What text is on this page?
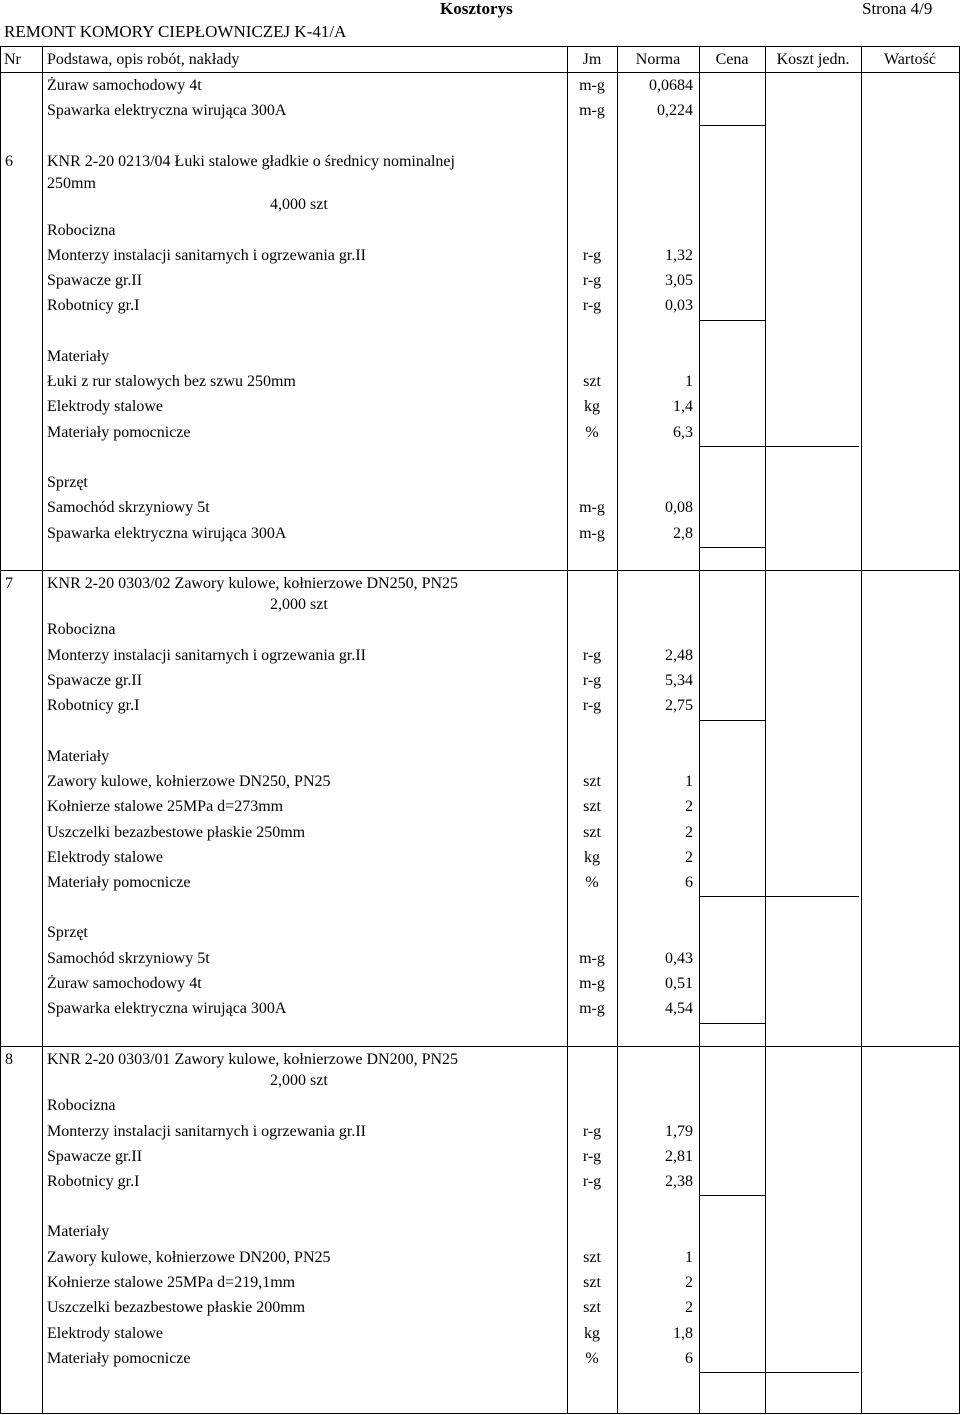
REMONT KOMORY CIEPŁOWNICZEJ K-41/A
Kosztorys	Strona 4/9
Nr Podstawa, opis robót, nakłady	Jm	Norma	Cena	Koszt jedn.	Wartość
Żuraw samochodowy 4t	m-g	0,0684
Spawarka elektryczna wirująca 300A	m-g	0,224
6 KNR 2-20 0213/04 Łuki stalowe gładkie o średnicy nominalnej
250mm
4,000 szt
Robocizna
Monterzy instalacji sanitarnych i ogrzewania gr.II	r-g	1,32
Spawacze gr.II	r-g	3,05
Robotnicy gr.I	r-g	0,03
Materiały
Łuki z rur stalowych bez szwu 250mm	szt	1
Elektrody stalowe	kg	1,4
Materiały pomocnicze	%	6,3
Sprzęt
Samochód skrzyniowy 5t	m-g	0,08
Spawarka elektryczna wirująca 300A	m-g	2,8
7 KNR 2-20 0303/02 Zawory kulowe, kołnierzowe DN250, PN25
2,000 szt
Robocizna
Monterzy instalacji sanitarnych i ogrzewania gr.II	r-g	2,48
Spawacze gr.II	r-g	5,34
Robotnicy gr.I	r-g	2,75
Materiały
Zawory kulowe, kołnierzowe DN250, PN25	szt	1
Kołnierze stalowe 25MPa d=273mm	szt	2
Uszczelki bezazbestowe płaskie 250mm	szt	2
Elektrody stalowe	kg	2
Materiały pomocnicze	%	6
Sprzęt
Samochód skrzyniowy 5t	m-g	0,43
Żuraw samochodowy 4t	m-g	0,51
Spawarka elektryczna wirująca 300A	m-g	4,54
8 KNR 2-20 0303/01 Zawory kulowe, kołnierzowe DN200, PN25
2,000 szt
Robocizna
Monterzy instalacji sanitarnych i ogrzewania gr.II	r-g	1,79
Spawacze gr.II	r-g	2,81
Robotnicy gr.I	r-g	2,38
Materiały
Zawory kulowe, kołnierzowe DN200, PN25	szt	1
Kołnierze stalowe 25MPa d=219,1mm	szt	2
Uszczelki bezazbestowe płaskie 200mm	szt	2
Elektrody stalowe	kg	1,8
Materiały pomocnicze	%	6
